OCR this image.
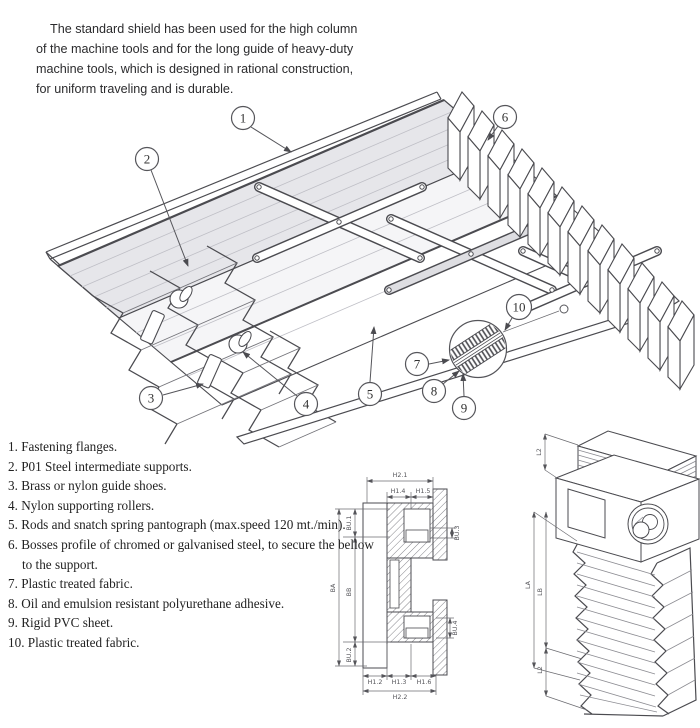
1
2
3	4
5
6
7
8
9
10
H2.1
H1.4 H1.5
BA
BU.1
BB
BU.2
BU.3
BU.4
H1.2 H1.3 H1.6
H2.2
L2
LA
LB
L2

The standard shield has been used for the high column of the machine tools and for the long guide of heavy-duty machine tools, which is designed in rational construction, for uniform traveling and is durable.

1. Fastening flanges.
2. P01 Steel intermediate supports.
3. Brass or nylon guide shoes.
4. Nylon supporting rollers.
5. Rods and snatch spring pantograph (max.speed 120 mt./min).
6. Bosses profile of chromed or galvanised steel, to secure the bellow to the support.
7. Plastic treated fabric.
8. Oil and emulsion resistant polyurethane adhesive.
9. Rigid PVC sheet.
10. Plastic treated fabric.
